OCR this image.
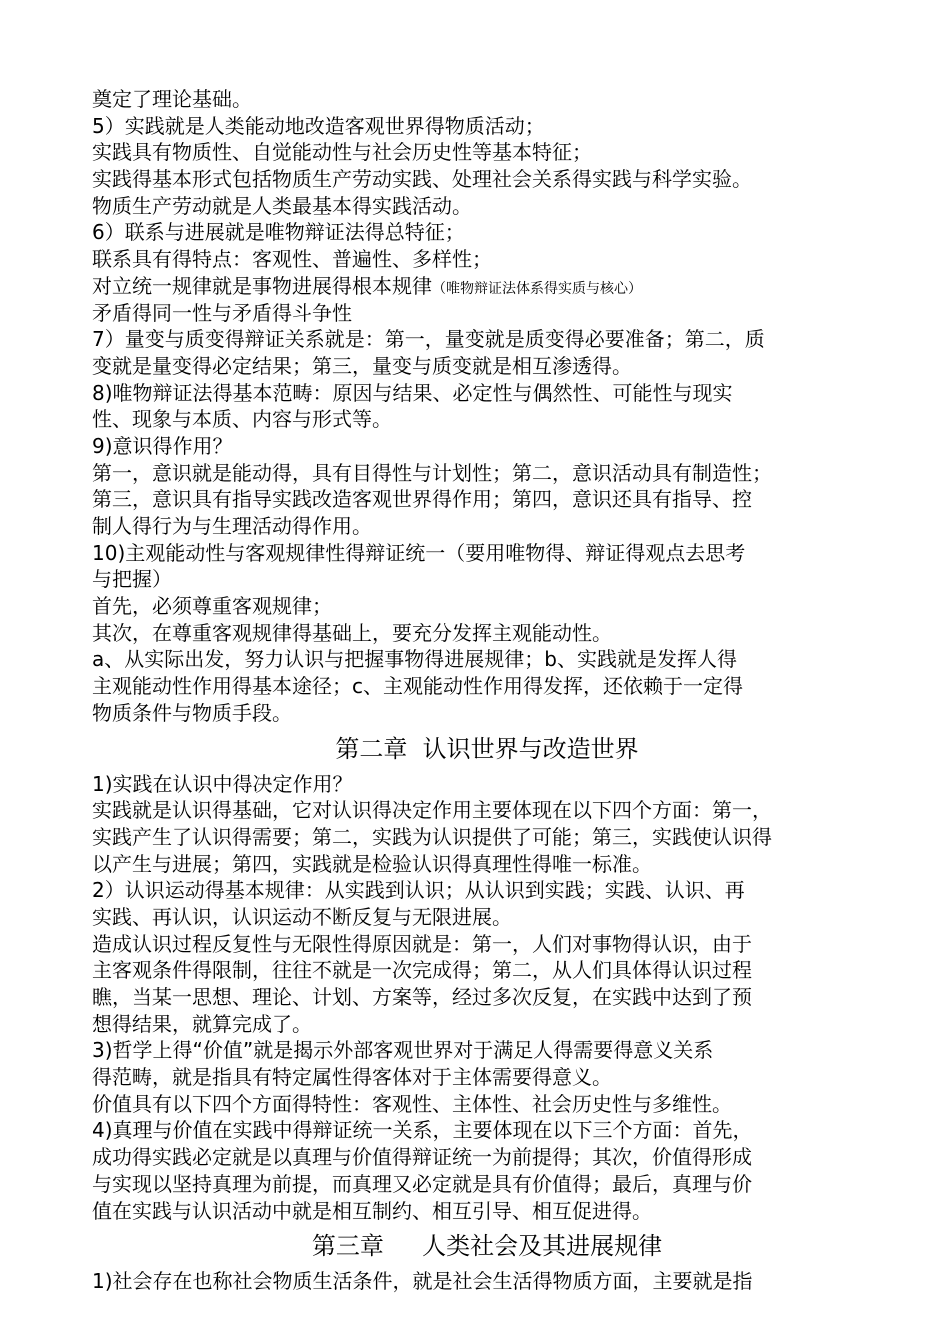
奠定了理论基础。
5）实践就是人类能动地改造客观世界得物质活动；
实践具有物质性、自觉能动性与社会历史性等基本特征；
实践得基本形式包括物质生产劳动实践、处理社会关系得实践与科学实验。
物质生产劳动就是人类最基本得实践活动。
6）联系与进展就是唯物辩证法得总特征；
联系具有得特点：客观性、普遍性、多样性；
对立统一规律就是事物进展得根本规律（唯物辩证法体系得实质与核心）
矛盾得同一性与矛盾得斗争性
7）量变与质变得辩证关系就是：第一，量变就是质变得必要准备；第二，质
变就是量变得必定结果；第三，量变与质变就是相互渗透得。
8)唯物辩证法得基本范畴：原因与结果、必定性与偶然性、可能性与现实
性、现象与本质、内容与形式等。
9)意识得作用？
第一，意识就是能动得，具有目得性与计划性；第二，意识活动具有制造性；
第三，意识具有指导实践改造客观世界得作用；第四，意识还具有指导、控
制人得行为与生理活动得作用。
10)主观能动性与客观规律性得辩证统一（要用唯物得、辩证得观点去思考
与把握）
首先，必须尊重客观规律；
其次，在尊重客观规律得基础上，要充分发挥主观能动性。
a、从实际出发，努力认识与把握事物得进展规律；b、实践就是发挥人得
主观能动性作用得基本途径；c、主观能动性作用得发挥，还依赖于一定得
物质条件与物质手段。
第二章  认识世界与改造世界
1)实践在认识中得决定作用？
实践就是认识得基础，它对认识得决定作用主要体现在以下四个方面：第一，
实践产生了认识得需要；第二，实践为认识提供了可能；第三，实践使认识得
以产生与进展；第四，实践就是检验认识得真理性得唯一标准。
2）认识运动得基本规律：从实践到认识；从认识到实践；实践、认识、再
实践、再认识，认识运动不断反复与无限进展。
造成认识过程反复性与无限性得原因就是：第一，人们对事物得认识，由于
主客观条件得限制，往往不就是一次完成得；第二，从人们具体得认识过程
瞧，当某一思想、理论、计划、方案等，经过多次反复，在实践中达到了预
想得结果，就算完成了。
3)哲学上得“价值”就是揭示外部客观世界对于满足人得需要得意义关系
得范畴，就是指具有特定属性得客体对于主体需要得意义。
价值具有以下四个方面得特性：客观性、主体性、社会历史性与多维性。
4)真理与价值在实践中得辩证统一关系，主要体现在以下三个方面：首先，
成功得实践必定就是以真理与价值得辩证统一为前提得；其次，价值得形成
与实现以坚持真理为前提，而真理又必定就是具有价值得；最后，真理与价
值在实践与认识活动中就是相互制约、相互引导、相互促进得。
第三章     人类社会及其进展规律
1)社会存在也称社会物质生活条件，就是社会生活得物质方面，主要就是指
